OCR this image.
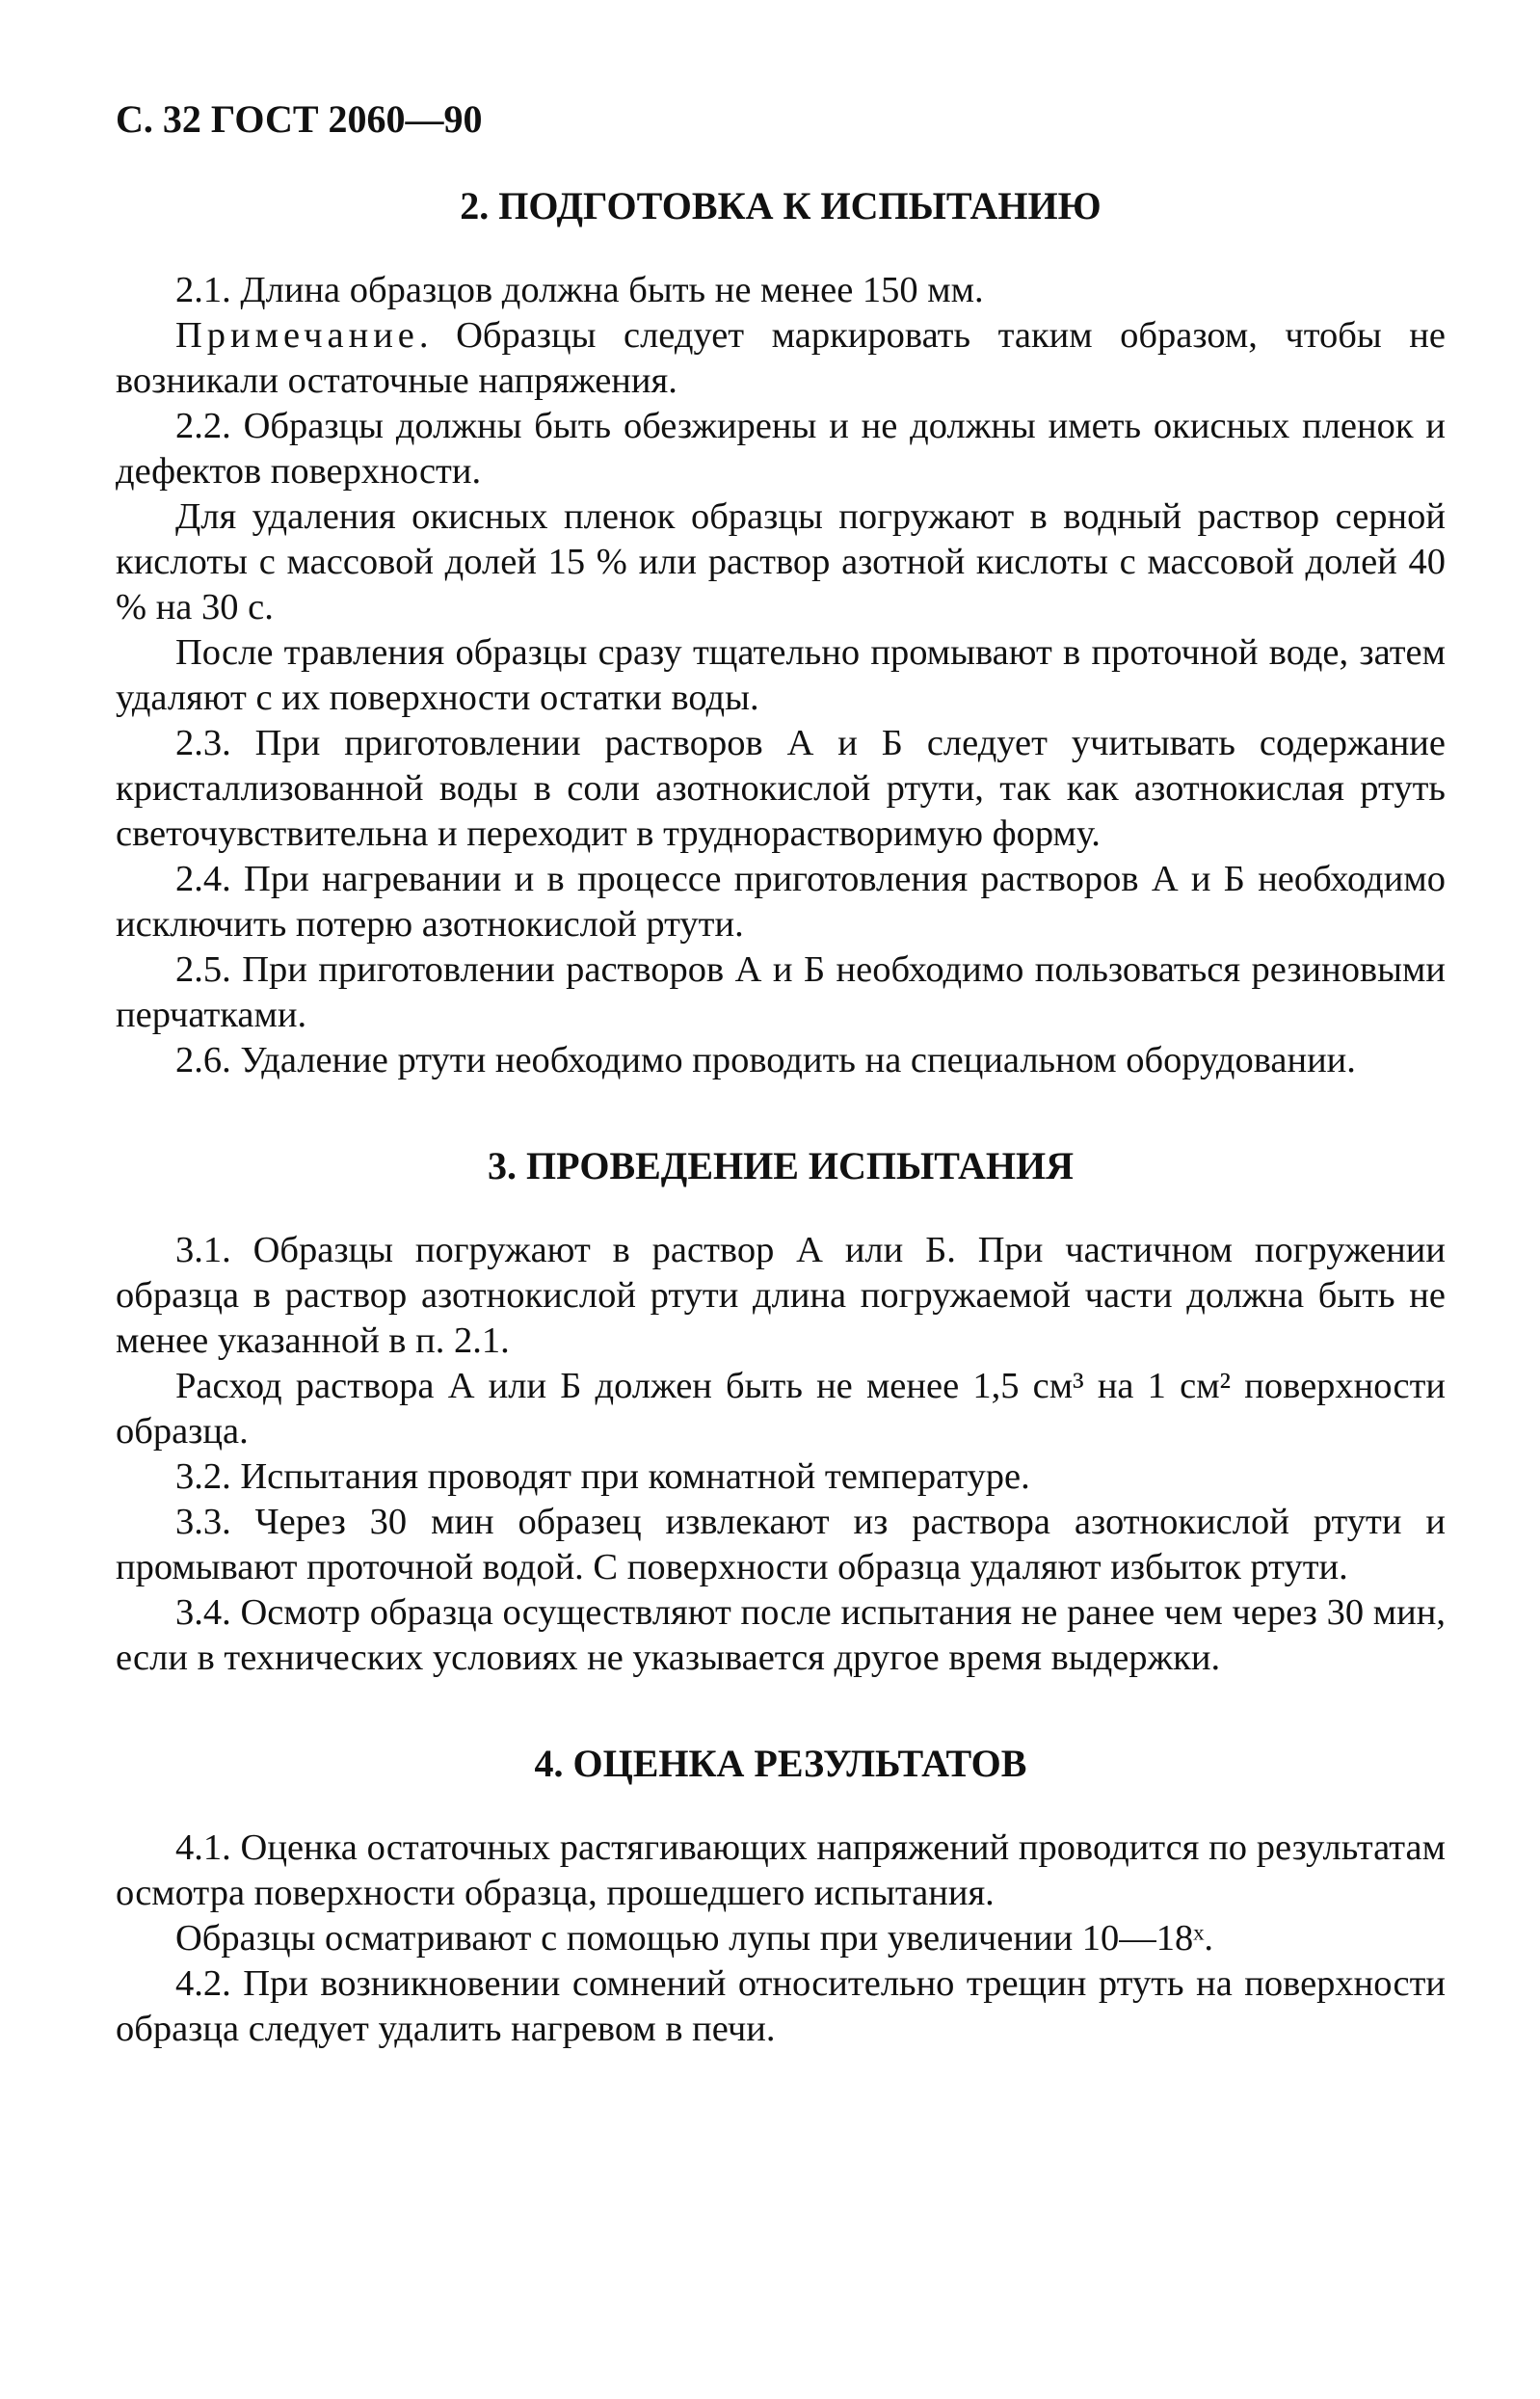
С. 32 ГОСТ 2060—90
2. ПОДГОТОВКА К ИСПЫТАНИЮ

2.1. Длина образцов должна быть не менее 150 мм.

Примечание. Образцы следует маркировать таким образом, чтобы не возникали остаточные напряжения.

2.2. Образцы должны быть обезжирены и не должны иметь окисных пленок и дефектов поверхности.

Для удаления окисных пленок образцы погружают в водный раствор серной кислоты с массовой долей 15 % или раствор азотной кислоты с массовой долей 40 % на 30 с.

После травления образцы сразу тщательно промывают в проточной воде, затем удаляют с их поверхности остатки воды.

2.3. При приготовлении растворов А и Б следует учитывать содержание кристаллизованной воды в соли азотнокислой ртути, так как азотнокислая ртуть светочувствительна и переходит в труднорастворимую форму.

2.4. При нагревании и в процессе приготовления растворов А и Б необходимо исключить потерю азотнокислой ртути.

2.5. При приготовлении растворов А и Б необходимо пользоваться резиновыми перчатками.

2.6. Удаление ртути необходимо проводить на специальном оборудовании.

3. ПРОВЕДЕНИЕ ИСПЫТАНИЯ

3.1. Образцы погружают в раствор А или Б. При частичном погружении образца в раствор азотнокислой ртути длина погружаемой части должна быть не менее указанной в п. 2.1.

Расход раствора А или Б должен быть не менее 1,5 см³ на 1 см² поверхности образца.

3.2. Испытания проводят при комнатной температуре.

3.3. Через 30 мин образец извлекают из раствора азотнокислой ртути и промывают проточной водой. С поверхности образца удаляют избыток ртути.

3.4. Осмотр образца осуществляют после испытания не ранее чем через 30 мин, если в технических условиях не указывается другое время выдержки.

4. ОЦЕНКА РЕЗУЛЬТАТОВ

4.1. Оценка остаточных растягивающих напряжений проводится по результатам осмотра поверхности образца, прошедшего испытания.

Образцы осматривают с помощью лупы при увеличении 10—18ˣ.

4.2. При возникновении сомнений относительно трещин ртуть на поверхности образца следует удалить нагревом в печи.
